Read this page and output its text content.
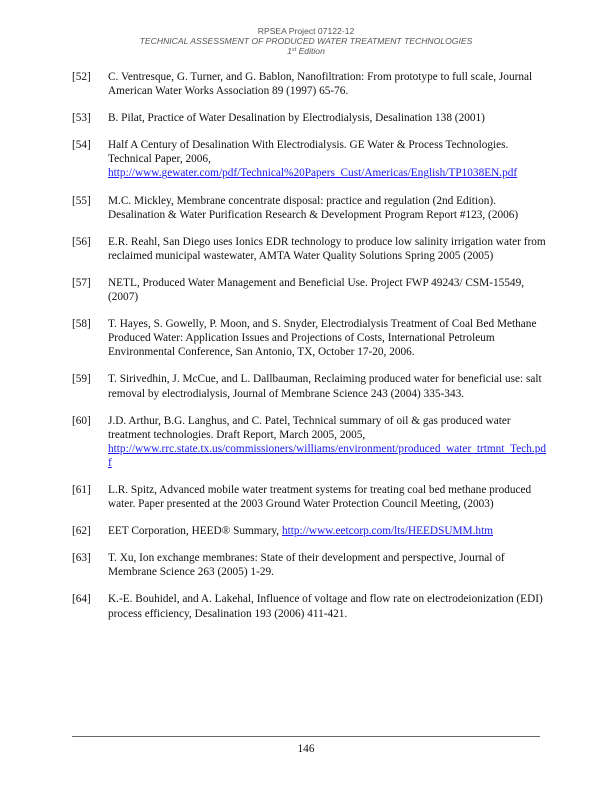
RPSEA Project 07122-12
TECHNICAL ASSESSMENT OF PRODUCED WATER TREATMENT TECHNOLOGIES
1st Edition
[52] C. Ventresque, G. Turner, and G. Bablon, Nanofiltration: From prototype to full scale, Journal American Water Works Association 89 (1997) 65-76.
[53] B. Pilat, Practice of Water Desalination by Electrodialysis, Desalination 138 (2001)
[54] Half A Century of Desalination With Electrodialysis. GE Water & Process Technologies. Technical Paper, 2006,
http://www.gewater.com/pdf/Technical%20Papers_Cust/Americas/English/TP1038EN.pdf
[55] M.C. Mickley, Membrane concentrate disposal: practice and regulation (2nd Edition). Desalination & Water Purification Research & Development Program Report #123, (2006)
[56] E.R. Reahl, San Diego uses Ionics EDR technology to produce low salinity irrigation water from reclaimed municipal wastewater, AMTA Water Quality Solutions Spring 2005 (2005)
[57] NETL, Produced Water Management and Beneficial Use. Project FWP 49243/ CSM-15549, (2007)
[58] T. Hayes, S. Gowelly, P. Moon, and S. Snyder, Electrodialysis Treatment of Coal Bed Methane Produced Water: Application Issues and Projections of Costs, International Petroleum Environmental Conference, San Antonio, TX, October 17-20, 2006.
[59] T. Sirivedhin, J. McCue, and L. Dallbauman, Reclaiming produced water for beneficial use: salt removal by electrodialysis, Journal of Membrane Science 243 (2004) 335-343.
[60] J.D. Arthur, B.G. Langhus, and C. Patel, Technical summary of oil & gas produced water treatment technologies. Draft Report, March 2005, 2005,
http://www.rrc.state.tx.us/commissioners/williams/environment/produced_water_trtmnt_Tech.pdf
[61] L.R. Spitz, Advanced mobile water treatment systems for treating coal bed methane produced water. Paper presented at the 2003 Ground Water Protection Council Meeting, (2003)
[62] EET Corporation, HEED® Summary, http://www.eetcorp.com/lts/HEEDSUMM.htm
[63] T. Xu, Ion exchange membranes: State of their development and perspective, Journal of Membrane Science 263 (2005) 1-29.
[64] K.-E. Bouhidel, and A. Lakehal, Influence of voltage and flow rate on electrodeionization (EDI) process efficiency, Desalination 193 (2006) 411-421.
146
